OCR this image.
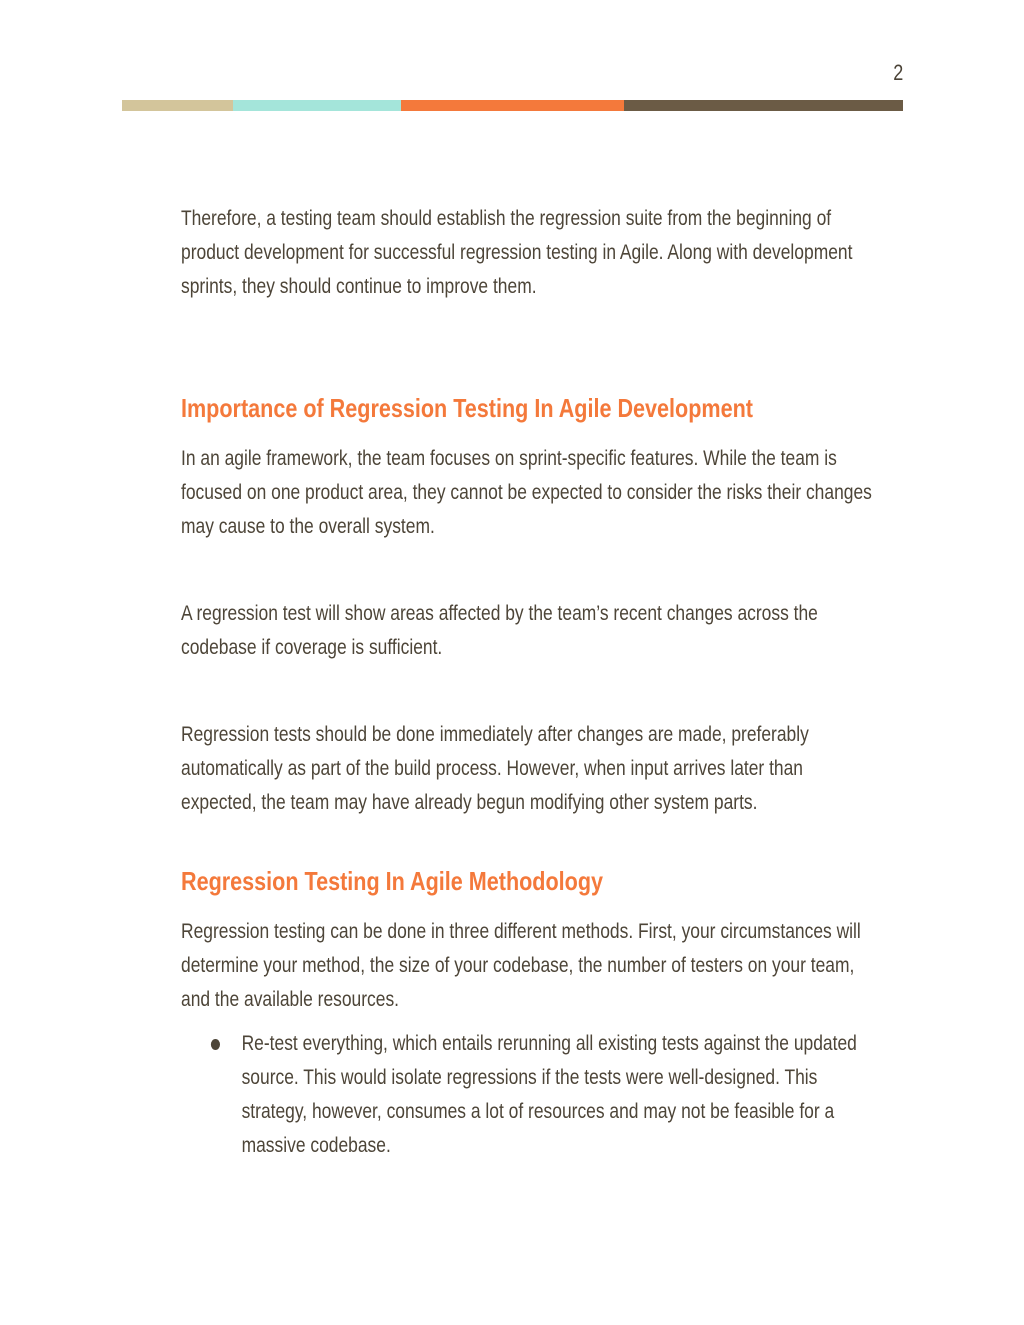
2

Therefore, a testing team should establish the regression suite from the beginning of
product development for successful regression testing in Agile. Along with development
sprints, they should continue to improve them.

Importance of Regression Testing In Agile Development

In an agile framework, the team focuses on sprint-specific features. While the team is
focused on one product area, they cannot be expected to consider the risks their changes
may cause to the overall system.

A regression test will show areas affected by the team’s recent changes across the
codebase if coverage is sufficient.

Regression tests should be done immediately after changes are made, preferably
automatically as part of the build process. However, when input arrives later than
expected, the team may have already begun modifying other system parts.

Regression Testing In Agile Methodology

Regression testing can be done in three different methods. First, your circumstances will
determine your method, the size of your codebase, the number of testers on your team,
and the available resources.

Re-test everything, which entails rerunning all existing tests against the updated
source. This would isolate regressions if the tests were well-designed. This
strategy, however, consumes a lot of resources and may not be feasible for a
massive codebase.
